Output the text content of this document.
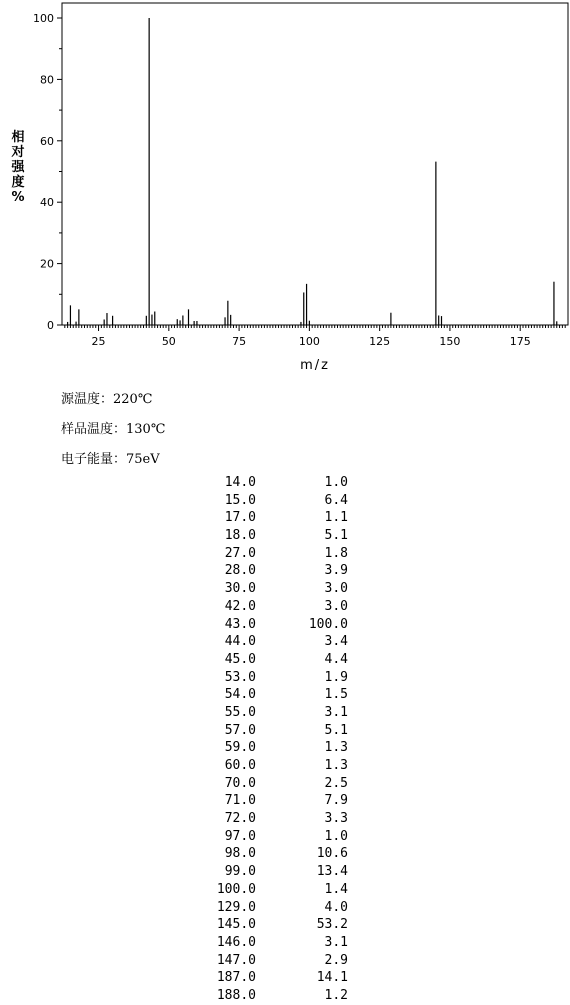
0
20
40
60
80
100
25	50	75	100	125	150	175
m/z
相
对
强
度
%
源温度：220℃
样品温度：130℃
电子能量：75eV
14.0	1.0
15.0	6.4
17.0	1.1
18.0	5.1
27.0	1.8
28.0	3.9
30.0	3.0
42.0	3.0
43.0	100.0
44.0	3.4
45.0	4.4
53.0	1.9
54.0	1.5
55.0	3.1
57.0	5.1
59.0	1.3
60.0	1.3
70.0	2.5
71.0	7.9
72.0	3.3
97.0	1.0
98.0	10.6
99.0	13.4
100.0	1.4
129.0	4.0
145.0	53.2
146.0	3.1
147.0	2.9
187.0	14.1
188.0	1.2
